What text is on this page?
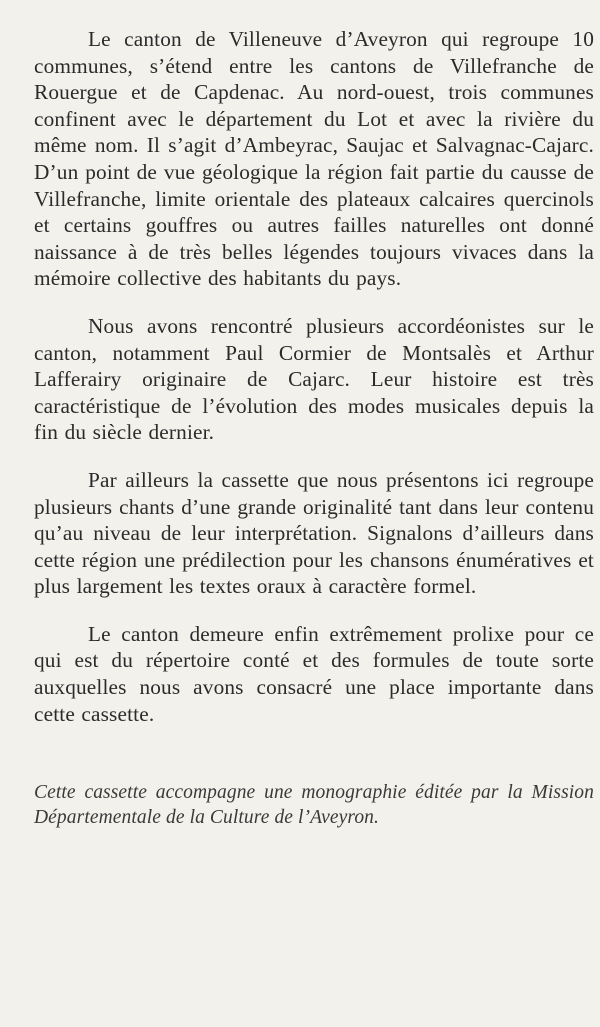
Le canton de Villeneuve d’Aveyron qui regroupe 10 communes, s’étend entre les cantons de Villefranche de Rouergue et de Capdenac. Au nord-ouest, trois communes confinent avec le département du Lot et avec la rivière du même nom. Il s’agit d’Ambeyrac, Saujac et Salvagnac-Cajarc. D’un point de vue géologique la région fait partie du causse de Villefranche, limite orientale des plateaux calcaires quercinols et certains gouffres ou autres failles naturelles ont donné naissance à de très belles légendes toujours vivaces dans la mémoire collective des habitants du pays.

Nous avons rencontré plusieurs accordéonistes sur le canton, notamment Paul Cormier de Montsalès et Arthur Lafferairy originaire de Cajarc. Leur histoire est très caractéristique de l’évolution des modes musicales depuis la fin du siècle dernier.

Par ailleurs la cassette que nous présentons ici regroupe plusieurs chants d’une grande originalité tant dans leur contenu qu’au niveau de leur interprétation. Signalons d’ailleurs dans cette région une prédilection pour les chansons énumératives et plus largement les textes oraux à caractère formel.

Le canton demeure enfin extrêmement prolixe pour ce qui est du répertoire conté et des formules de toute sorte auxquelles nous avons consacré une place importante dans cette cassette.

Cette cassette accompagne une monographie éditée par la Mission Départementale de la Culture de l’Aveyron.
